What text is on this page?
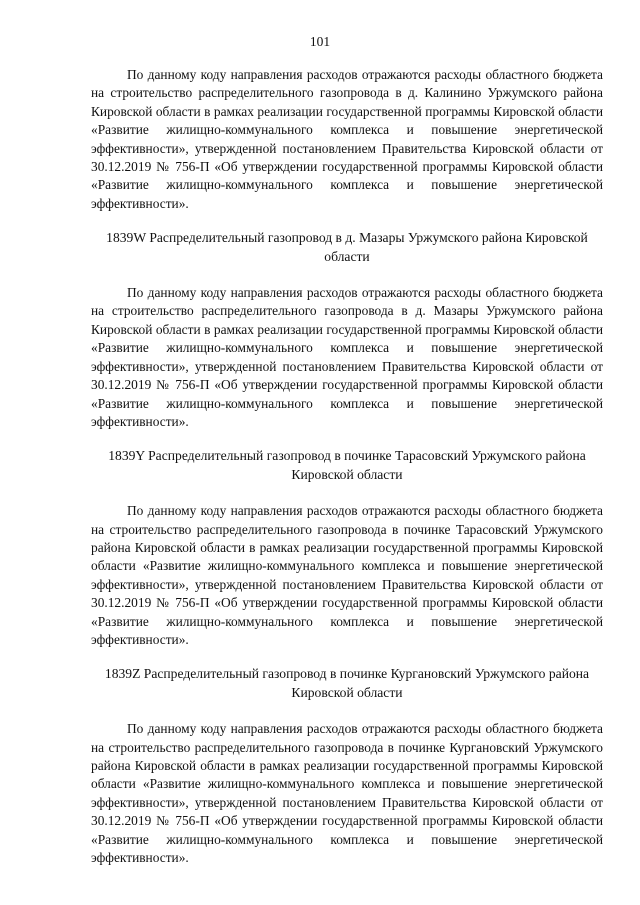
101

По данному коду направления расходов отражаются расходы областного бюджета на строительство распределительного газопровода в д. Калинино Уржумского района Кировской области в рамках реализации государственной программы Кировской области «Развитие жилищно-коммунального комплекса и повышение энергетической эффективности», утвержденной постановлением Правительства Кировской области от 30.12.2019 № 756-П «Об утверждении государственной программы Кировской области «Развитие жилищно-коммунального комплекса и повышение энергетической эффективности».

1839W Распределительный газопровод в д. Мазары Уржумского района Кировской области

По данному коду направления расходов отражаются расходы областного бюджета на строительство распределительного газопровода в д. Мазары Уржумского района Кировской области в рамках реализации государственной программы Кировской области «Развитие жилищно-коммунального комплекса и повышение энергетической эффективности», утвержденной постановлением Правительства Кировской области от 30.12.2019 № 756-П «Об утверждении государственной программы Кировской области «Развитие жилищно-коммунального комплекса и повышение энергетической эффективности».

1839Y Распределительный газопровод в починке Тарасовский Уржумского района Кировской области

По данному коду направления расходов отражаются расходы областного бюджета на строительство распределительного газопровода в починке Тарасовский Уржумского района Кировской области в рамках реализации государственной программы Кировской области «Развитие жилищно-коммунального комплекса и повышение энергетической эффективности», утвержденной постановлением Правительства Кировской области от 30.12.2019 № 756-П «Об утверждении государственной программы Кировской области «Развитие жилищно-коммунального комплекса и повышение энергетической эффективности».

1839Z Распределительный газопровод в починке Кургановский Уржумского района Кировской области

По данному коду направления расходов отражаются расходы областного бюджета на строительство распределительного газопровода в починке Кургановский Уржумского района Кировской области в рамках реализации государственной программы Кировской области «Развитие жилищно-коммунального комплекса и повышение энергетической эффективности», утвержденной постановлением Правительства Кировской области от 30.12.2019 № 756-П «Об утверждении государственной программы Кировской области «Развитие жилищно-коммунального комплекса и повышение энергетической эффективности».
